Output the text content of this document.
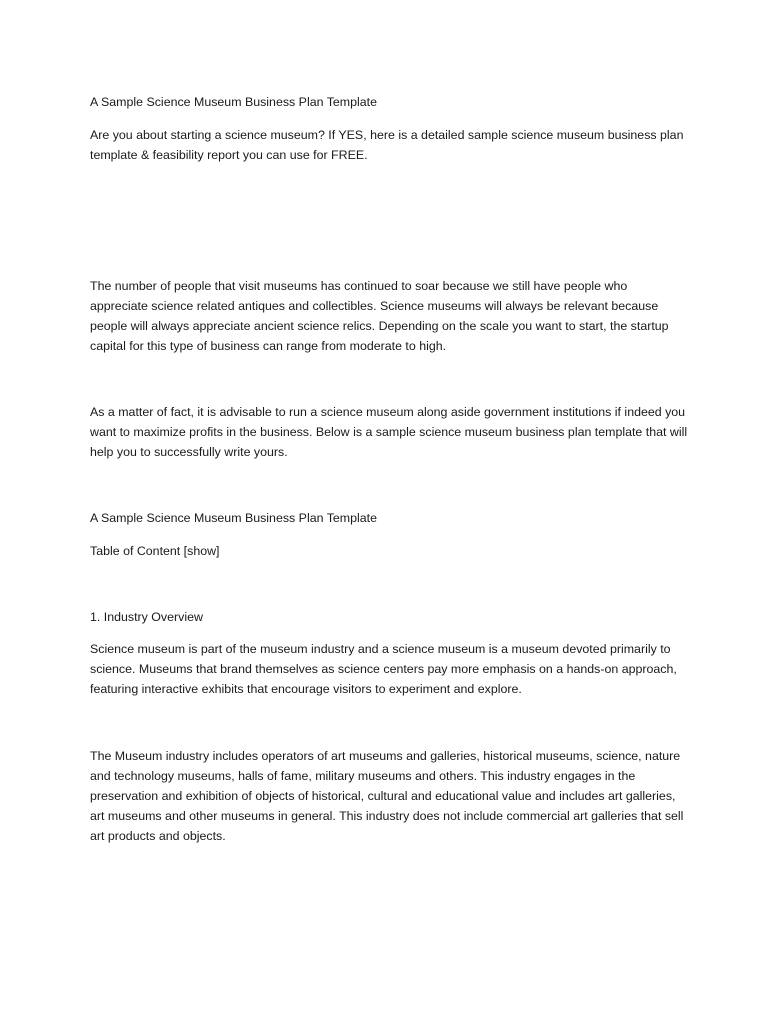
A Sample Science Museum Business Plan Template

Are you about starting a science museum? If YES, here is a detailed sample science museum business plan template & feasibility report you can use for FREE.

The number of people that visit museums has continued to soar because we still have people who appreciate science related antiques and collectibles. Science museums will always be relevant because people will always appreciate ancient science relics. Depending on the scale you want to start, the startup capital for this type of business can range from moderate to high.

As a matter of fact, it is advisable to run a science museum along aside government institutions if indeed you want to maximize profits in the business. Below is a sample science museum business plan template that will help you to successfully write yours.

A Sample Science Museum Business Plan Template

Table of Content [show]

1. Industry Overview

Science museum is part of the museum industry and a science museum is a museum devoted primarily to science. Museums that brand themselves as science centers pay more emphasis on a hands-on approach, featuring interactive exhibits that encourage visitors to experiment and explore.

The Museum industry includes operators of art museums and galleries, historical museums, science, nature and technology museums, halls of fame, military museums and others. This industry engages in the preservation and exhibition of objects of historical, cultural and educational value and includes art galleries, art museums and other museums in general. This industry does not include commercial art galleries that sell art products and objects.
